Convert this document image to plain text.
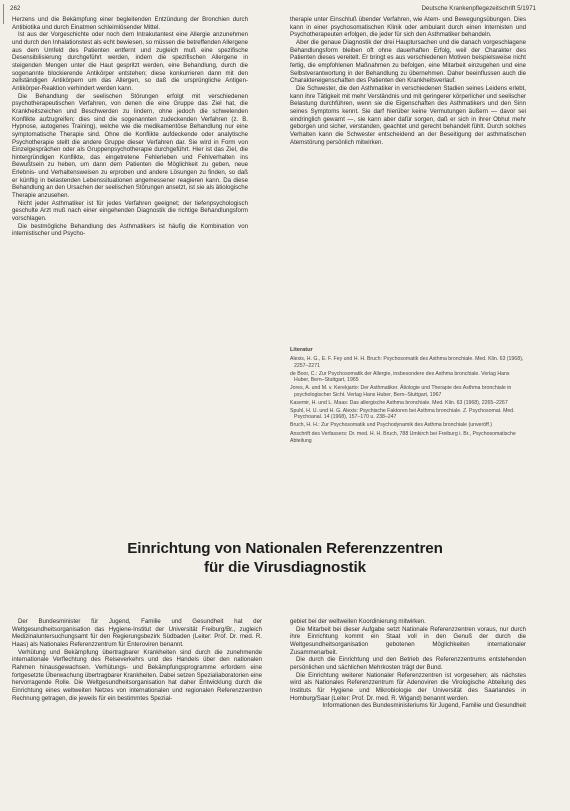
262	Deutsche Krankenpflegezeitschrift 5/1971

Herzens und die Bekämpfung einer begleitenden Entzündung der Bronchien durch Antibiotika und durch Einatmen schleimlösender Mittel.

Ist aus der Vorgeschichte oder noch dem Intrakutantest eine Allergie anzunehmen und durch den Inhalationstest als echt bewiesen, so müssen die betreffenden Allergene aus dem Umfeld des Patienten entfernt und zugleich muß eine spezifische Desensibilisierung durchgeführt werden, indem die spezifischen Allergene in steigenden Mengen unter die Haut gespritzt werden, eine Behandlung, durch die sogenannte blockierende Antikörper entstehen; diese konkurrieren dann mit den zellständigen Antikörpern um das Allergen, so daß die ursprüngliche Antigen-Antikörper-Reaktion verhindert werden kann.

Die Behandlung der seelischen Störungen erfolgt mit verschiedenen psychotherapeutischen Verfahren, von denen die eine Gruppe das Ziel hat, die Krankheitszeichen und Beschwerden zu lindern, ohne jedoch die schwelenden Konflikte aufzugreifen; dies sind die sogenannten zudeckenden Verfahren (z. B. Hypnose, autogenes Training), welche wie die medikamentöse Behandlung nur eine symptomatische Therapie sind. Ohne die Konflikte aufdeckende oder analytische Psychotherapie stellt die andere Gruppe dieser Verfahren dar. Sie wird in Form von Einzelgesprächen oder als Gruppenpsychotherapie durchgeführt. Hier ist das Ziel, die hintergründigen Konflikte, das eingetretene Fehlerleben und Fehlverhalten ins Bewußtsein zu heben, um dann dem Patienten die Möglichkeit zu geben, neue Erlebnis- und Verhaltensweisen zu erproben und andere Lösungen zu finden, so daß er künftig in belastenden Lebenssituationen angemessener reagieren kann. Da diese Behandlung an den Ursachen der seelischen Störungen ansetzt, ist sie als ätiologische Therapie anzusehen.

Nicht jeder Asthmatiker ist für jedes Verfahren geeignet; der tiefenpsychologisch geschulte Arzt muß nach einer eingehenden Diagnostik die richtige Behandlungsform vorschlagen.

Die bestmögliche Behandlung des Asthmatikers ist häufig die Kombination von internistischer und Psycho-

therapie unter Einschluß übender Verfahren, wie Atem- und Bewegungsübungen. Dies kann in einer psychosomatischen Klinik oder ambulant durch einen Internisten und Psychotherapeuten erfolgen, die jeder für sich den Asthmatiker behandeln.

Aber die genaue Diagnostik der drei Hauptursachen und die danach vorgeschlagene Behandlungsform bleiben oft ohne dauerhaften Erfolg, weil der Charakter des Patienten dieses vereitelt. Er bringt es aus verschiedenen Motiven beispielsweise nicht fertig, die empfohlenen Maßnahmen zu befolgen, eine Mitarbeit einzugehen und eine Selbstverantwortung in der Behandlung zu übernehmen. Daher beeinflussen auch die Charaktereigenschaften des Patienten den Krankheitsverlauf.

Die Schwester, die den Asthmatiker in verschiedenen Stadien seines Leidens erlebt, kann ihre Tätigkeit mit mehr Verständnis und mit geringerer körperlicher und seelischer Belastung durchführen, wenn sie die Eigenschaften des Asthmatikers und den Sinn seines Symptoms kennt. Sie darf hierüber keine Vermutungen äußern — davor sei eindringlich gewarnt —, sie kann aber dafür sorgen, daß er sich in ihrer Obhut mehr geborgen und sicher, verstanden, geachtet und gerecht behandelt fühlt. Durch solches Verhalten kann die Schwester entscheidend an der Beseitigung der asthmatischen Atemstörung persönlich mitwirken.

Literatur
Alexis, H. G., E. F. Fey und H. H. Bruch: Psychosomatik des Asthma bronchiale. Med. Klin. 63 (1968), 2257–2271
de Boor, C.: Zur Psychosomatik der Allergie, insbesondere des Asthma bronchiale. Verlag Hans Huber, Bern–Stuttgart, 1965
Jores, A. und M. v. Kerekjarto: Der Asthmatiker. Ätiologie und Therapie des Asthma bronchiale in psychologischer Sicht. Verlag Hans Huber, Bern–Stuttgart, 1967
Kasemir, H. und L. Maas: Das allergische Asthma bronchiale. Med. Klin. 63 (1968), 2265–2267
Spuhl, H. U. und H. G. Alexis: Psychische Faktoren bei Asthma bronchiale. Z. Psychosomat. Med. Psychoanal. 14 (1968), 157–170 u. 238–247
Bruch, H. H.: Zur Psychosomatik und Psychodynamik des Asthma bronchiale (unveröff.)
Anschrift des Verfassers: Dr. med. H. H. Bruch, 788 Umkirch bei Freiburg i. Br., Psychosomatische Abteilung
Einrichtung von Nationalen Referenzzentren
für die Virusdiagnostik

Der Bundesminister für Jugend, Familie und Gesundheit hat der Weltgesundheitsorganisation das Hygiene-Institut der Universität Freiburg/Br., zugleich Medizinaluntersuchungsamt für den Regierungsbezirk Südbaden (Leiter: Prof. Dr. med. R. Haas) als Nationales Referenzzentrum für Enteroviren benannt.

Verhütung und Bekämpfung übertragbarer Krankheiten sind durch die zunehmende internationale Verflechtung des Reiseverkehrs und des Handels über den nationalen Rahmen hinausgewachsen. Verhütungs- und Bekämpfungsprogramme erfordern eine fortgesetzte Überwachung übertragbarer Krankheiten. Dabei setzen Spezialiaboratorien eine hervorragende Rolle. Die Weltgesundheitsorganisation hat daher Entwicklung durch die Einrichtung eines weltweiten Netzes von internationalen und regionalen Referenzzentren Rechnung getragen, die jeweils für ein bestimmtes Spezial-

gebiet bei der weltweiten Koordinierung mitwirken.

Die Mitarbeit bei dieser Aufgabe setzt Nationale Referenzzentren voraus, nur durch ihre Einrichtung kommt ein Staat voll in den Genuß der durch die Weltgesundheitsorganisation gebotenen Möglichkeiten internationaler Zusammenarbeit.

Die durch die Einrichtung und den Betrieb des Referenzzentrums entstehenden persönlichen und sächlichen Mehrkosten trägt der Bund.

Die Einrichtung weiterer Nationaler Referenzzentren ist vorgesehen; als nächstes wird als Nationales Referenzzentrum für Adenoviren die Virologische Abteilung des Instituts für Hygiene und Mikrobiologie der Universität des Saarlandes in Homburg/Saar (Leiter: Prof. Dr. med. R. Wigand) benannt werden.

Informationen des Bundesministeriums für Jugend, Familie und Gesundheit
